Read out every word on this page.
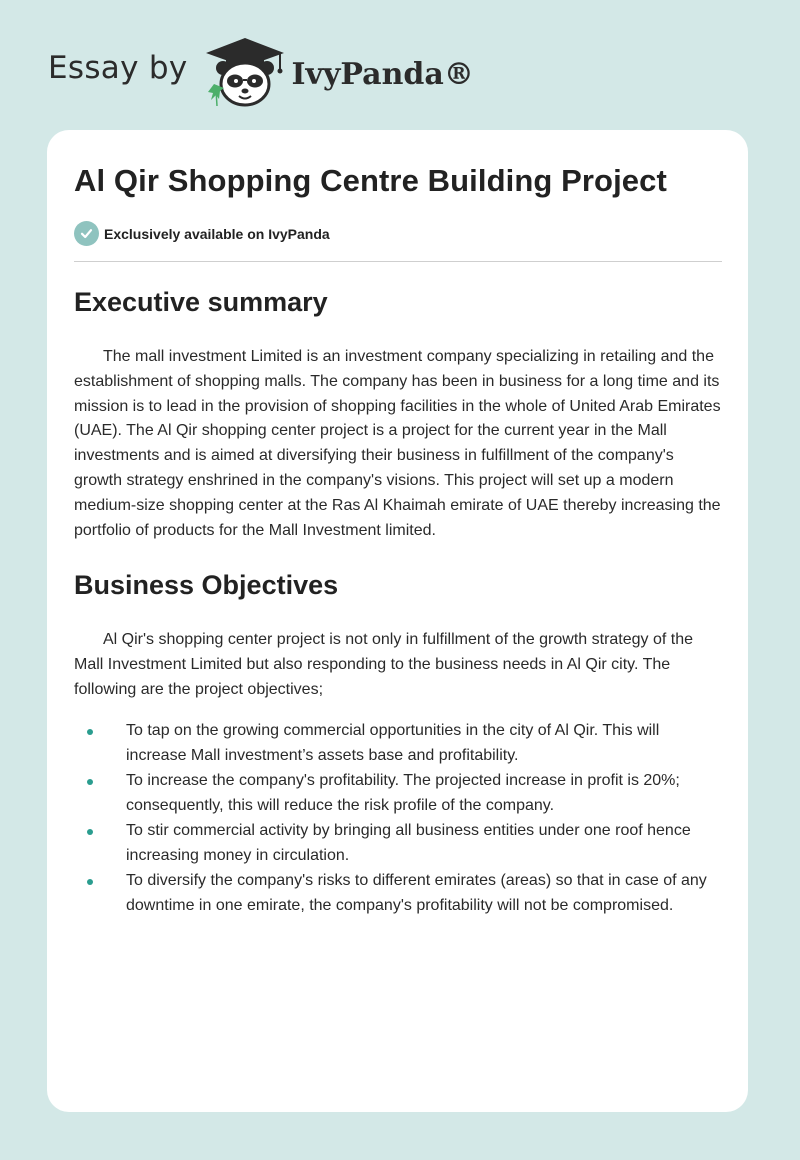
Essay by	IvyPanda®
Al Qir Shopping Centre Building Project
Exclusively available on IvyPanda
Executive summary

The mall investment Limited is an investment company specializing in retailing and the establishment of shopping malls. The company has been in business for a long time and its mission is to lead in the provision of shopping facilities in the whole of United Arab Emirates (UAE). The Al Qir shopping center project is a project for the current year in the Mall investments and is aimed at diversifying their business in fulfillment of the company's growth strategy enshrined in the company's visions. This project will set up a modern medium-size shopping center at the Ras Al Khaimah emirate of UAE thereby increasing the portfolio of products for the Mall Investment limited.

Business Objectives

Al Qir's shopping center project is not only in fulfillment of the growth strategy of the Mall Investment Limited but also responding to the business needs in Al Qir city. The following are the project objectives;

To tap on the growing commercial opportunities in the city of Al Qir. This will increase Mall investment’s assets base and profitability.
To increase the company's profitability. The projected increase in profit is 20%; consequently, this will reduce the risk profile of the company.
To stir commercial activity by bringing all business entities under one roof hence increasing money in circulation.
To diversify the company's risks to different emirates (areas) so that in case of any downtime in one emirate, the company's profitability will not be compromised.
